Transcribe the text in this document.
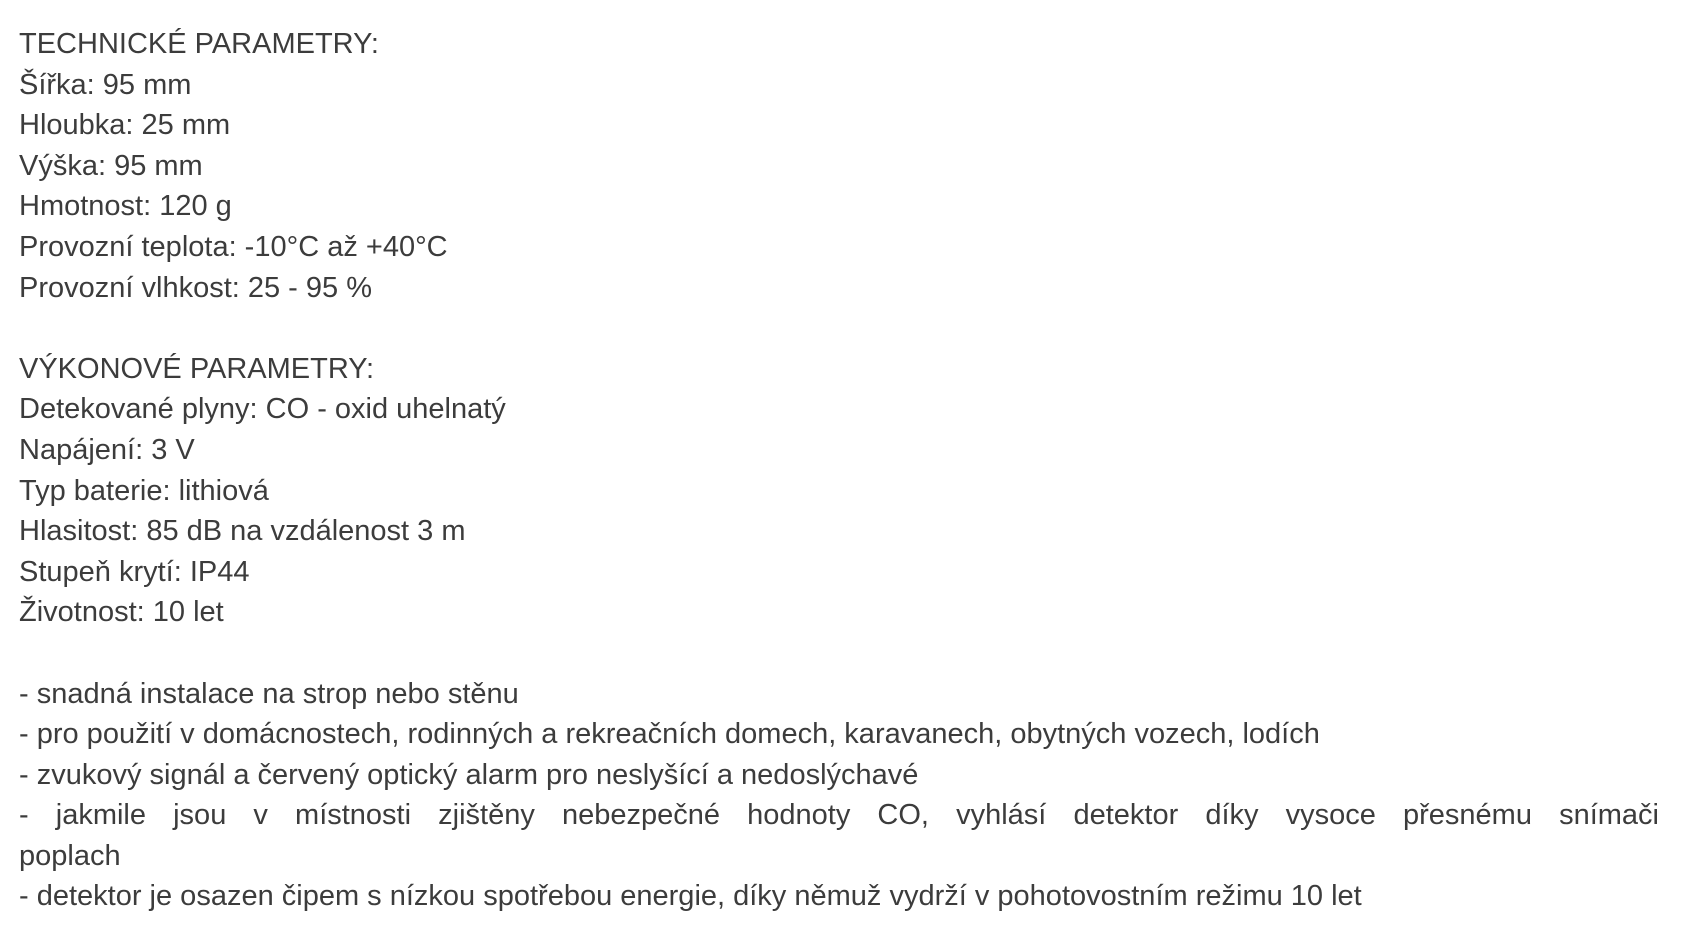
TECHNICKÉ PARAMETRY:
Šířka: 95 mm
Hloubka: 25 mm
Výška: 95 mm
Hmotnost: 120 g
Provozní teplota: -10°C až +40°C
Provozní vlhkost: 25 - 95 %
VÝKONOVÉ PARAMETRY:
Detekované plyny: CO - oxid uhelnatý
Napájení: 3 V
Typ baterie: lithiová
Hlasitost: 85 dB na vzdálenost 3 m
Stupeň krytí: IP44
Životnost: 10 let
- snadná instalace na strop nebo stěnu
- pro použití v domácnostech, rodinných a rekreačních domech, karavanech, obytných vozech, lodích
- zvukový signál a červený optický alarm pro neslyšící a nedoslýchavé
- jakmile jsou v místnosti zjištěny nebezpečné hodnoty CO, vyhlásí detektor díky vysoce přesnému snímači
poplach
- detektor je osazen čipem s nízkou spotřebou energie, díky němuž vydrží v pohotovostním režimu 10 let
